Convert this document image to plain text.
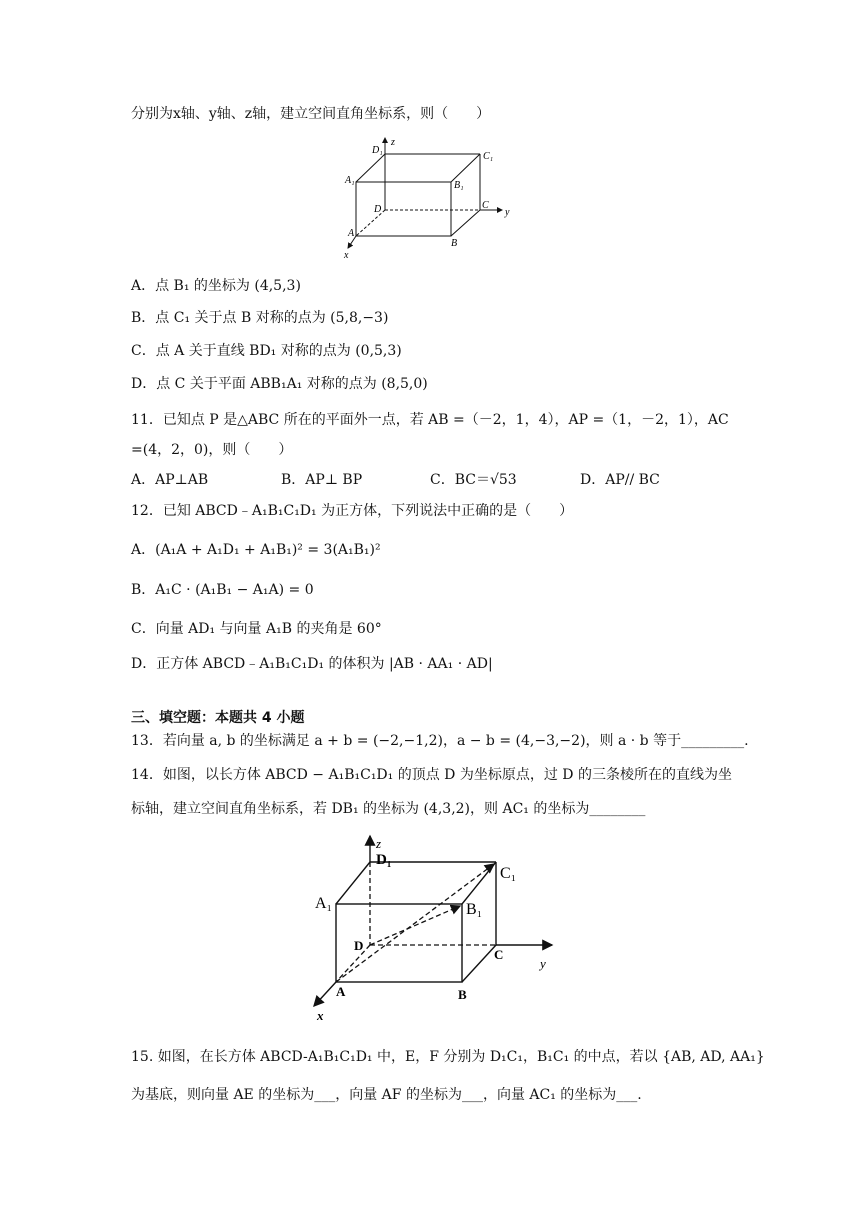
分别为x轴、y轴、z轴，建立空间直角坐标系，则（　　）
z
D₁
C₁
A₁	B₁
D	C
y
A
B
x
A．点 B₁ 的坐标为 (4,5,3)
B．点 C₁ 关于点 B 对称的点为 (5,8,−3)
C．点 A 关于直线 BD₁ 对称的点为 (0,5,3)
D．点 C 关于平面 ABB₁A₁ 对称的点为 (8,5,0)
11．已知点 P 是△ABC 所在的平面外一点，若 AB =（－2，1，4），AP =（1，－2，1），AC
=(4，2，0)，则（　　）
A．AP⊥AB	B．AP⊥ BP	C．BC＝√53	D．AP// BC
12．已知 ABCD﹣A₁B₁C₁D₁ 为正方体，下列说法中正确的是（　　）
A．(A₁A + A₁D₁ + A₁B₁)² = 3(A₁B₁)²
B．A₁C · (A₁B₁ − A₁A) = 0
C．向量 AD₁ 与向量 A₁B 的夹角是 60°
D．正方体 ABCD﹣A₁B₁C₁D₁ 的体积为 |AB · AA₁ · AD|
三、填空题：本题共 4 小题
13．若向量 a, b 的坐标满足 a + b = (−2,−1,2)，a − b = (4,−3,−2)，则 a · b 等于_________.
14．如图，以长方体 ABCD − A₁B₁C₁D₁ 的顶点 D 为坐标原点，过 D 的三条棱所在的直线为坐
标轴，建立空间直角坐标系，若 DB₁ 的坐标为 (4,3,2)，则 AC₁ 的坐标为________
z
D₁
C₁
A₁	B₁
D
C
y
A	B
x
15. 如图，在长方体 ABCD-A₁B₁C₁D₁ 中，E，F 分别为 D₁C₁，B₁C₁ 的中点，若以 {AB, AD, AA₁}
为基底，则向量 AE 的坐标为___，向量 AF 的坐标为___，向量 AC₁ 的坐标为___.
